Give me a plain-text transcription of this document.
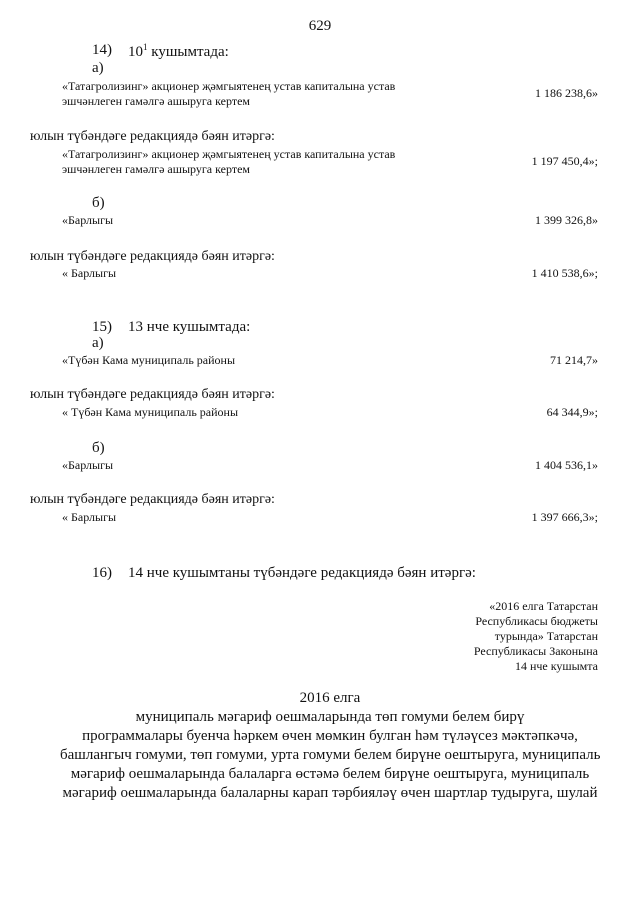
629
14) $10^1$ кушымтада:
а)
«Татагролизинг» акционер җәмгыятенең устав капиталына устав
эшчәнлеген гамәлгә ашыруга кертем
1 186 238,6»
юлын түбәндәге редакциядә бәян итәргә:
«Татагролизинг» акционер җәмгыятенең устав капиталына устав
эшчәнлеген гамәлгә ашыруга кертем
1 197 450,4»;
б)
«Барлыгы	1 399 326,8»
юлын түбәндәге редакциядә бәян итәргә:
« Барлыгы	1 410 538,6»;
15) 13 нче кушымтада:
а)
«Түбән Кама муниципаль районы	71 214,7»
юлын түбәндәге редакциядә бәян итәргә:
« Түбән Кама муниципаль районы	64 344,9»;
б)
«Барлыгы	1 404 536,1»
юлын түбәндәге редакциядә бәян итәргә:
« Барлыгы	1 397 666,3»;
16) 14 нче кушымтаны түбәндәге редакциядә бәян итәргә:
«2016 елга Татарстан
Республикасы бюджеты
турында» Татарстан
Республикасы Законына
14 нче кушымта
2016 елга
муниципаль мәгариф оешмаларында төп гомуми белем бирү
программалары буенча һәркем өчен мөмкин булган һәм түләүсез мәктәпкәчә,
башлангыч гомуми, төп гомуми, урта гомуми белем бирүне оештыруга, муниципаль
мәгариф оешмаларында балаларга өстәмә белем бирүне оештыруга, муниципаль
мәгариф оешмаларында балаларны карап тәрбияләү өчен шартлар тудыруга, шулай
